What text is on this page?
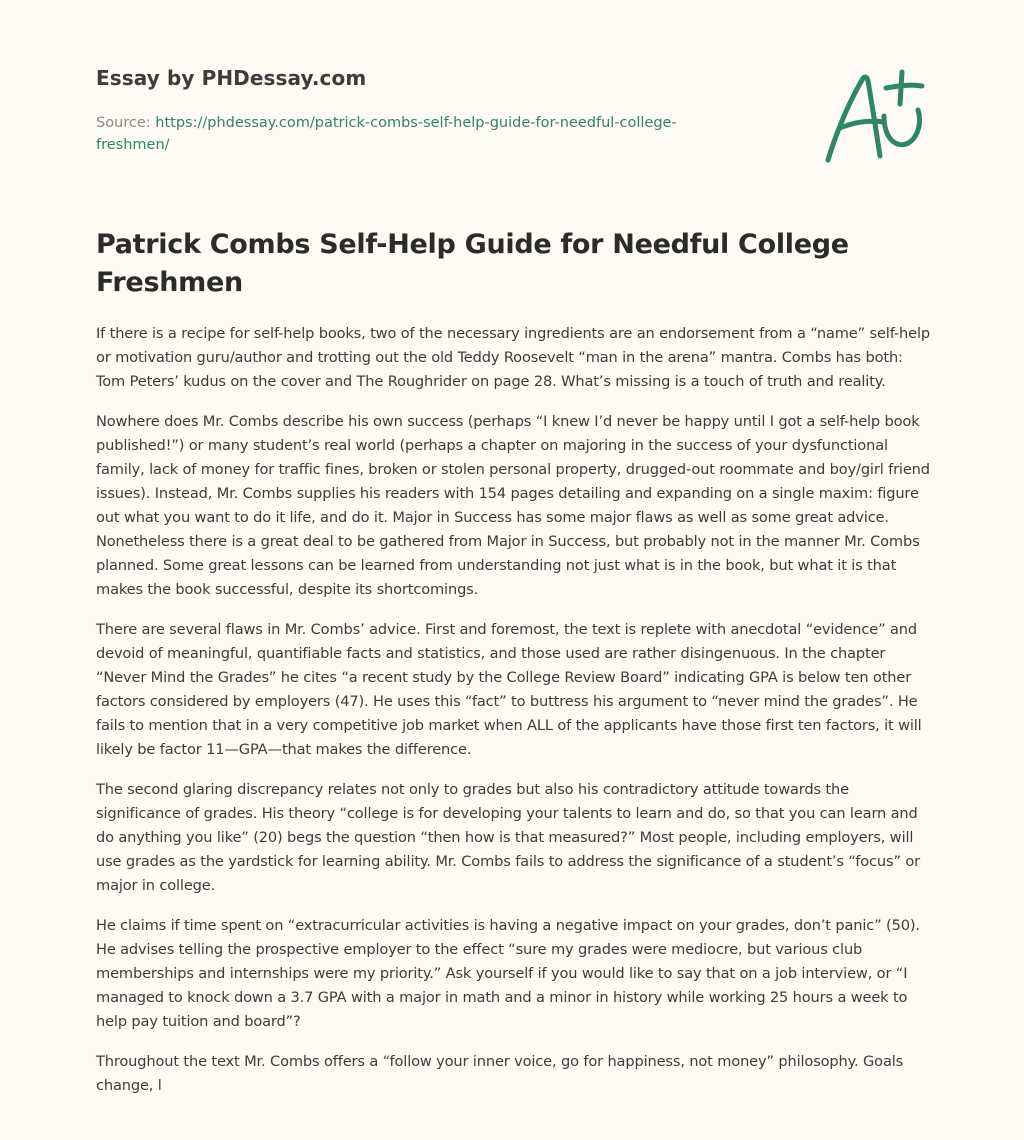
Essay by PHDessay.com
Source: https://phdessay.com/patrick-combs-self-help-guide-for-needful-college-freshmen/
Patrick Combs Self-Help Guide for Needful College Freshmen

If there is a recipe for self-help books, two of the necessary ingredients are an endorsement from a “name” self-help or motivation guru/author and trotting out the old Teddy Roosevelt “man in the arena” mantra. Combs has both: Tom Peters’ kudus on the cover and The Roughrider on page 28. What’s missing is a touch of truth and reality.

Nowhere does Mr. Combs describe his own success (perhaps “I knew I’d never be happy until I got a self-help book published!”) or many student’s real world (perhaps a chapter on majoring in the success of your dysfunctional family, lack of money for traffic fines, broken or stolen personal property, drugged-out roommate and boy/girl friend issues). Instead, Mr. Combs supplies his readers with 154 pages detailing and expanding on a single maxim: figure out what you want to do it life, and do it. Major in Success has some major flaws as well as some great advice. Nonetheless there is a great deal to be gathered from Major in Success, but probably not in the manner Mr. Combs planned. Some great lessons can be learned from understanding not just what is in the book, but what it is that makes the book successful, despite its shortcomings.

There are several flaws in Mr. Combs’ advice. First and foremost, the text is replete with anecdotal “evidence” and devoid of meaningful, quantifiable facts and statistics, and those used are rather disingenuous. In the chapter “Never Mind the Grades” he cites “a recent study by the College Review Board” indicating GPA is below ten other factors considered by employers (47). He uses this “fact” to buttress his argument to “never mind the grades”. He fails to mention that in a very competitive job market when ALL of the applicants have those first ten factors, it will likely be factor 11—GPA—that makes the difference.

The second glaring discrepancy relates not only to grades but also his contradictory attitude towards the significance of grades. His theory “college is for developing your talents to learn and do, so that you can learn and do anything you like” (20) begs the question “then how is that measured?” Most people, including employers, will use grades as the yardstick for learning ability. Mr. Combs fails to address the significance of a student’s “focus” or major in college.

He claims if time spent on “extracurricular activities is having a negative impact on your grades, don’t panic” (50). He advises telling the prospective employer to the effect “sure my grades were mediocre, but various club memberships and internships were my priority.” Ask yourself if you would like to say that on a job interview, or “I managed to knock down a 3.7 GPA with a major in math and a minor in history while working 25 hours a week to help pay tuition and board”?

Throughout the text Mr. Combs offers a “follow your inner voice, go for happiness, not money” philosophy. Goals change, l
